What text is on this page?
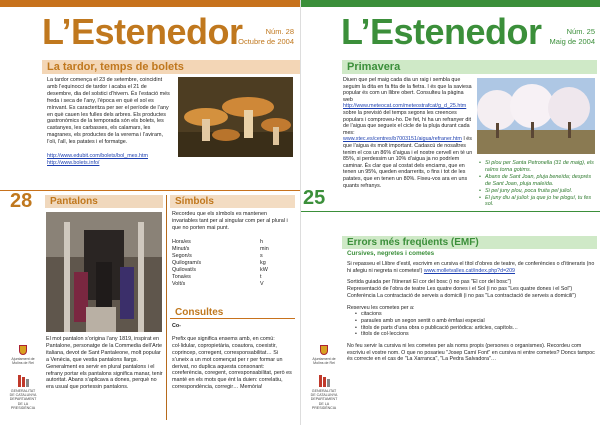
L’Estenedor	Núm. 28
Octubre de 2004
La tardor, temps de bolets

La tardor comença el 23 de setembre, coincidint amb l’equinocci de tardor i acaba el 21 de desembre, dia del solstici d’hivern. És l’estació més freda i seca de l’any, l’època en què el sol es mínvant. Es caracteritza per ser el període de l’any en què cauen les fulles dels arbres. Els productes gastronòmics de la temporada són els bolets, les castanyes, les carbasses, els calamars, les magranes, els productes de la verema i l’aviram, l’oli, l’all, les patates i el formatge.

http://www.edubit.com/bolets/bol_mes.htm

http://www.bolets.info/

28	Pantalons
El mot pantalon s’origina l’any 1819, inspirat en Pantalone, personatge de la Commedia dell’Arte italiana, devot de Sant Pantaleone, molt popular a Venècia, que vestia pantalons llargs. Generalment es servir en plural pantalons i el refrany portar els pantalons significa manar, tenir autoritat. Abans s’aplicava a dones, perquè no era usual que portessin pantalons.
Símbols
Recordeu que els símbols es mantenen invariables tant per al singular com per al plural i que no porten mai punt.
Hora/es	h
Minut/s	min
Segon/s	s
Quilogram/s	kg
Quilovat/s	kW
Tona/es	t
Volt/s	V
Consultes

Co-

Prefix que significa ensems amb, en comú: col·lidular, copropietària, coautora, coexistir, coprincep, corregent, corresponsabilitat… Si s’uneix a un mot començat per r per formar un derivat, no duplica aquesta consonant: coreferència, coregent, corresponsabilitat, però es manté en els mots que ént la duien: correlatiu, correspondència, corregir… Memòria!

Ajuntament de Molins de Rei
GENERALITAT DE CATALUNYA DEPARTAMENT DE LA PRESIDÈNCIA
L’Estenedor	Núm. 25
Maig de 2004
Primavera
Diuen que pel maig cada dia un raig i sembla que seguim la dita en fa fita de la fietra. I és que la saviesa popular és com un llibre obert. Consulteu la pàgina web http://www.meteocat.com/meteostrafcat/g_d_25.htm sobre la previsió del temps segons les creences populars i comproveu-ho. De fet, hi ha un refranyer dit de l’aigua que segueix el cicle de la pluja durant cada mes: www.xtec.es/centres/b7003151/aigua/refraner.htm I és que l’aigua és molt important. Cadascú de nosaltres tenim el cos un 86% d’aigua i el nostre cervell en té un 85%, si perdessim un 10% d’aigua ja no podríem caminar. És clar que al costat dels enciams, que en tenen un 95%, queden endarrerits, o fins i tot de les patates, que en tenen un 80%. Fixeu-vos ara en uns quants refranys.
• Si plou per Santa Petronella (31 de maig), els raïms torna gotims.
• Abans de Sant Joan, pluja beneïda; després de Sant Joan, pluja maleïda.
• Si pel juny plou, poca fruita pel juliol.
• El juny diu al juliol: ja que jo he ploguí, tu fes sol.
25
Errors més freqüents (EMF)
Cursives, negretes i cometes

Si repasseu el Llibre d’estil, escrivim en cursiva el títol d’obres de teatre, de conferències o d’itineraris (no hi afegiu ni negreta ni cometes!) www.molletvalles.cat/index.php?d=209

Sortida guiada per l’itinerari El cor del bosc (i no pas "El cor del bosc")

Representació de l’obra de teatre Les quatre dones i el Sol (i no pas "Les quatre dones i el Sol")

Conferència La contractació de serveis a domicili (i no pas "La contractació de serveis a domicili")

Reserveu les cometes per a:

• citacions
• paraules amb un segon sentit o amb èmfasi especial
• títols de parts d’una obra o publicació periòdica: articles, capítols…
• títols de col·leccions

No feu servir la cursiva ni les cometes per als noms propis (persones o organismes). Recordeu com escriviu el vostre nom. O que no posarieu "Josep Camí Font" en cursiva ni entre cometes? Doncs tampoc és correcte en el cas de "La Xarranca", "La Pedra Salvadora"…

Ajuntament de Molins de Rei
GENERALITAT DE CATALUNYA DEPARTAMENT DE LA PRESIDÈNCIA
